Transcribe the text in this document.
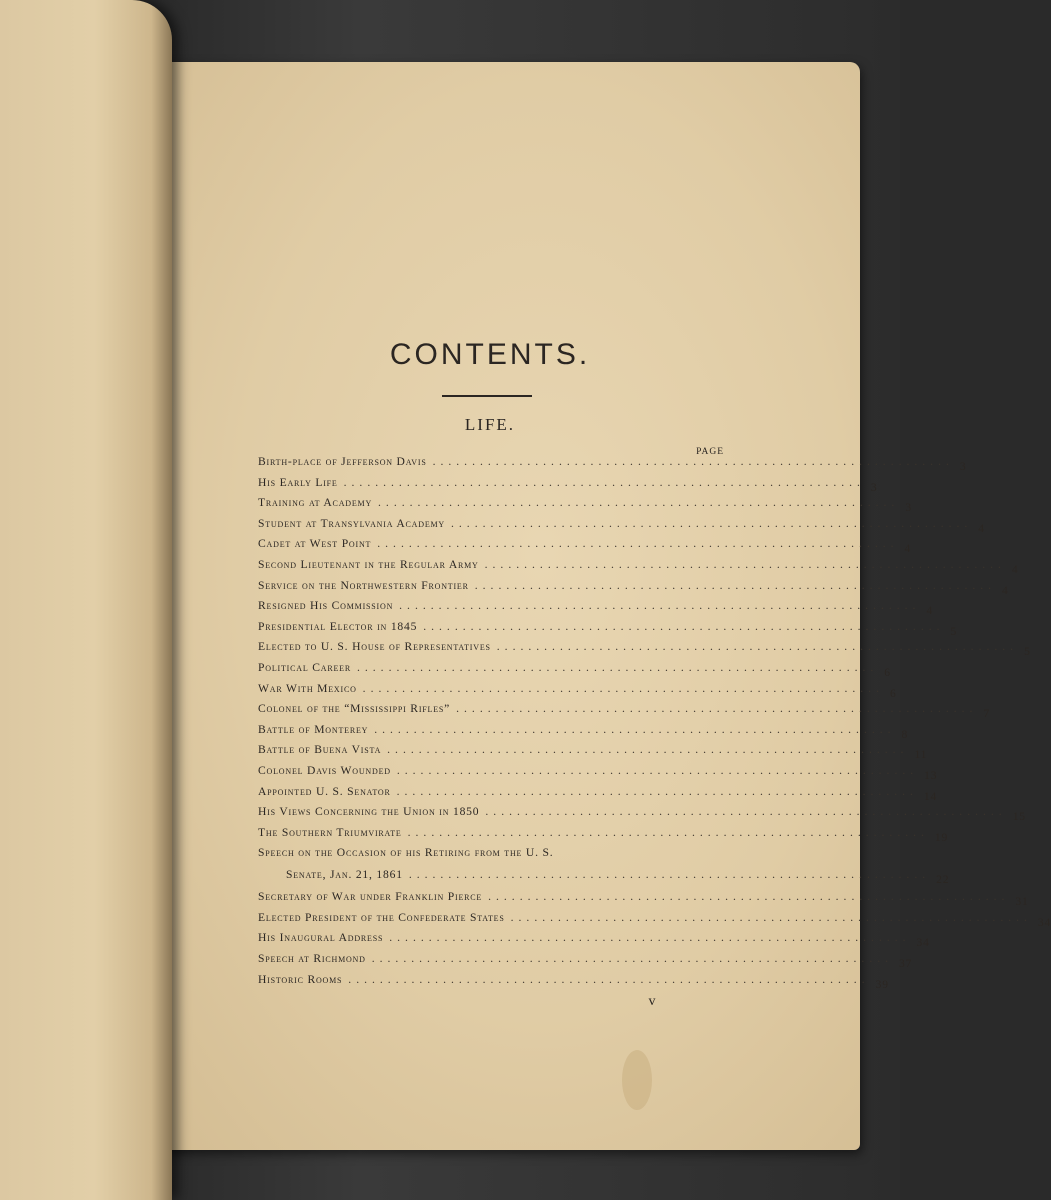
CONTENTS.
LIFE.
PAGE
Birth-place of Jefferson Davis .................................................................. 3
His Early Life .................................................................. 3
Training at Academy .................................................................. 3
Student at Transylvania Academy .................................................................. 4
Cadet at West Point .................................................................. 4
Second Lieutenant in the Regular Army .................................................................. 4
Service on the Northwestern Frontier .................................................................. 4
Resigned His Commission .................................................................. 4
Presidential Elector in 1845 .................................................................. 5
Elected to U. S. House of Representatives .................................................................. 5
Political Career .................................................................. 6
War With Mexico .................................................................. 6
Colonel of the “Mississippi Rifles” .................................................................. 7
Battle of Monterey .................................................................. 8
Battle of Buena Vista .................................................................. 11
Colonel Davis Wounded .................................................................. 13
Appointed U. S. Senator .................................................................. 14
His Views Concerning the Union in 1850 .................................................................. 15
The Southern Triumvirate .................................................................. 19
Speech on the Occasion of his Retiring from the U. S.
Senate, Jan. 21, 1861 .................................................................. 22
Secretary of War under Franklin Pierce .................................................................. 31
Elected President of the Confederate States .................................................................. 34
His Inaugural Address .................................................................. 34
Speech at Richmond .................................................................. 37
Historic Rooms .................................................................. 39
v
